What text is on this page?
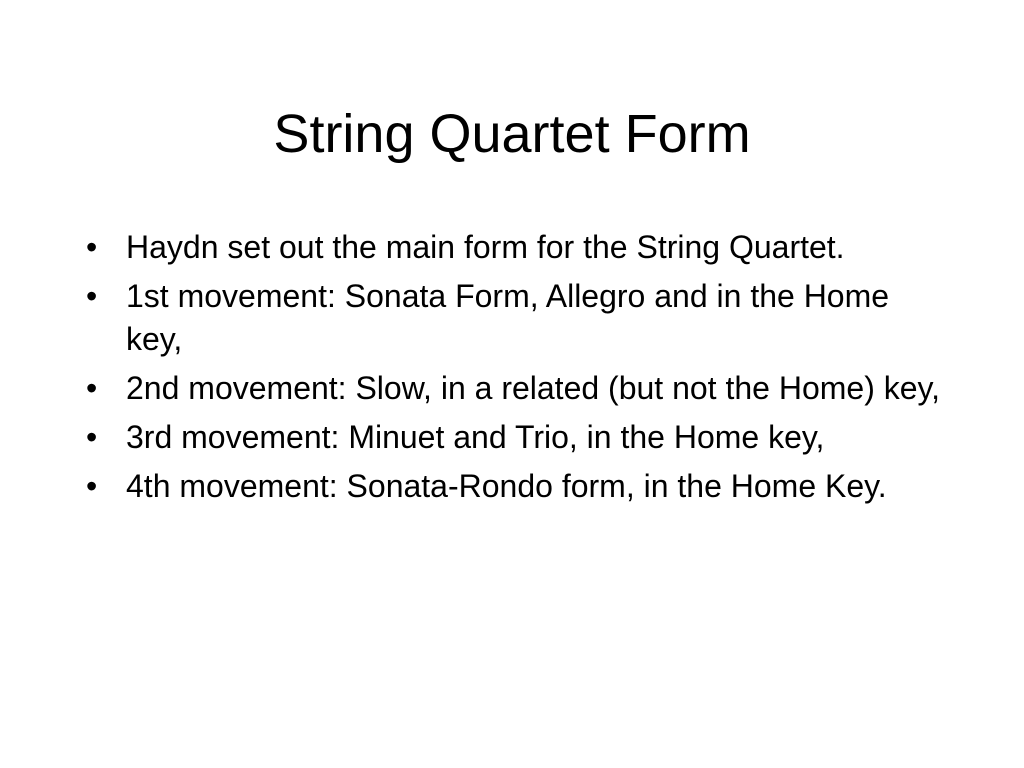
String Quartet Form
• Haydn set out the main form for the String Quartet.
• 1st movement: Sonata Form, Allegro and in the Home key,
• 2nd movement: Slow, in a related (but not the Home) key,
• 3rd movement: Minuet and Trio, in the Home key,
• 4th movement: Sonata-Rondo form, in the Home Key.
